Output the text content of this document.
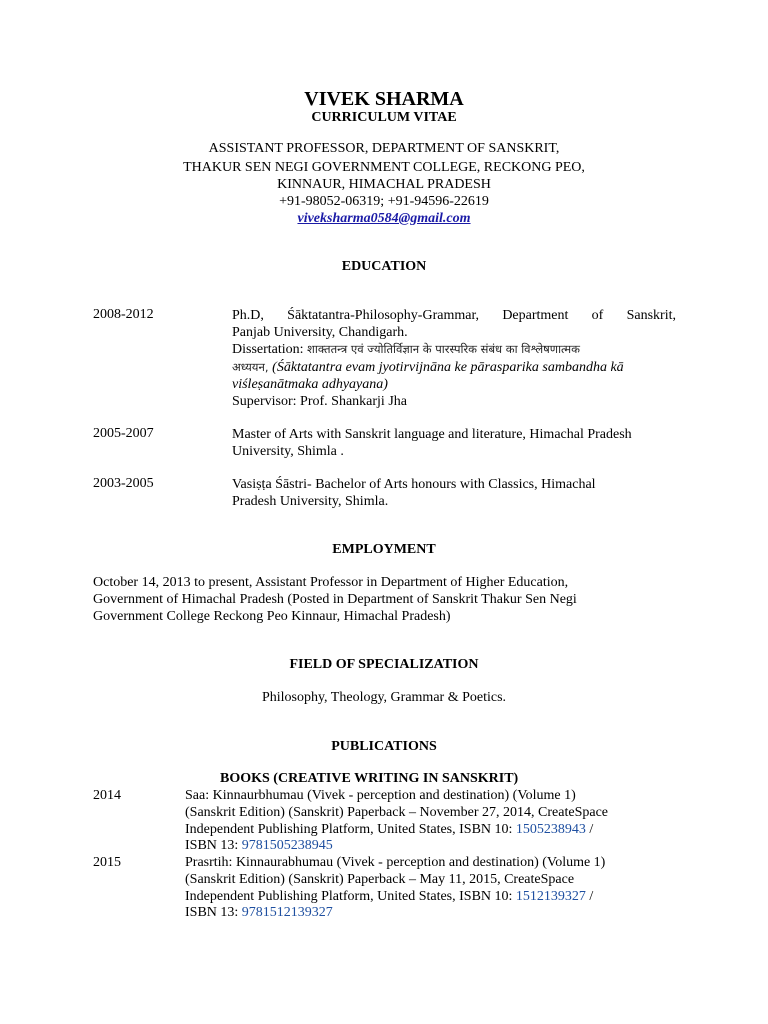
VIVEK SHARMA
CURRICULUM VITAE
ASSISTANT PROFESSOR, DEPARTMENT OF SANSKRIT,
THAKUR SEN NEGI GOVERNMENT COLLEGE, RECKONG PEO,
KINNAUR, HIMACHAL PRADESH
+91-98052-06319; +91-94596-22619
viveksharma0584@gmail.com
EDUCATION
2008-2012	Ph.D, Śāktatantra-Philosophy-Grammar, Department of Sanskrit,
Panjab University, Chandigarh.
Dissertation: शाक्ततन्त्र एवं ज्योतिर्विज्ञान के पारस्परिक संबंध का विश्लेषणात्मक
अध्ययन, (Śāktatantra evam jyotirvijnāna ke pārasparika sambandha kā
viśleṣanātmaka adhyayana)
Supervisor: Prof. Shankarji Jha
2005-2007	Master of Arts with Sanskrit language and literature, Himachal Pradesh
University, Shimla .
2003-2005	Vasiṣṭa Śāstri- Bachelor of Arts honours with Classics, Himachal
Pradesh University, Shimla.
EMPLOYMENT
October 14, 2013 to present, Assistant Professor in Department of Higher Education,
Government of Himachal Pradesh (Posted in Department of Sanskrit Thakur Sen Negi
Government College Reckong Peo Kinnaur, Himachal Pradesh)
FIELD OF SPECIALIZATION
Philosophy, Theology, Grammar & Poetics.
PUBLICATIONS
BOOKS (CREATIVE WRITING IN SANSKRIT)
2014	Saa: Kinnaurbhumau (Vivek - perception and destination) (Volume 1)
(Sanskrit Edition) (Sanskrit) Paperback – November 27, 2014, CreateSpace
Independent Publishing Platform, United States, ISBN 10: 1505238943 /
ISBN 13: 9781505238945
2015	Prasrtih: Kinnaurabhumau (Vivek - perception and destination) (Volume 1)
(Sanskrit Edition) (Sanskrit) Paperback – May 11, 2015, CreateSpace
Independent Publishing Platform, United States, ISBN 10: 1512139327 /
ISBN 13: 9781512139327
